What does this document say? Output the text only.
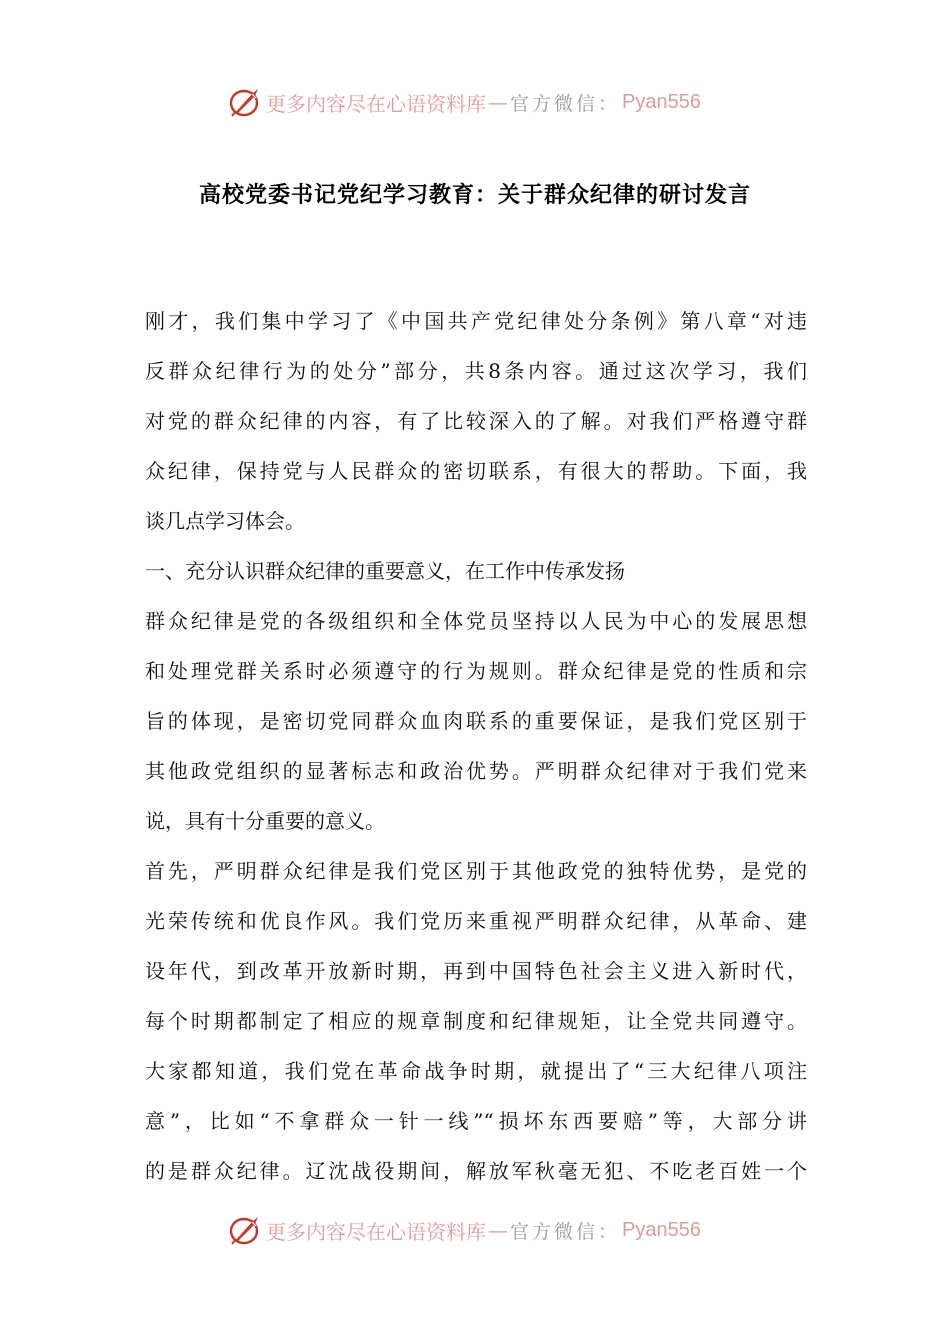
更多内容尽在心语资料库 — 官方微信： Pyan556
高校党委书记党纪学习教育：关于群众纪律的研讨发言
刚才，我们集中学习了《中国共产党纪律处分条例》第八章“对违
反群众纪律行为的处分”部分，共8条内容。通过这次学习，我们
对党的群众纪律的内容，有了比较深入的了解。对我们严格遵守群
众纪律，保持党与人民群众的密切联系，有很大的帮助。下面，我
谈几点学习体会。
一、充分认识群众纪律的重要意义，在工作中传承发扬
群众纪律是党的各级组织和全体党员坚持以人民为中心的发展思想
和处理党群关系时必须遵守的行为规则。群众纪律是党的性质和宗
旨的体现，是密切党同群众血肉联系的重要保证，是我们党区别于
其他政党组织的显著标志和政治优势。严明群众纪律对于我们党来
说，具有十分重要的意义。
首先，严明群众纪律是我们党区别于其他政党的独特优势，是党的
光荣传统和优良作风。我们党历来重视严明群众纪律，从革命、建
设年代，到改革开放新时期，再到中国特色社会主义进入新时代，
每个时期都制定了相应的规章制度和纪律规矩，让全党共同遵守。
大家都知道，我们党在革命战争时期，就提出了“三大纪律八项注
意”，比如“不拿群众一针一线”“损坏东西要赔”等，大部分讲
的是群众纪律。辽沈战役期间，解放军秋毫无犯、不吃老百姓一个
更多内容尽在心语资料库 — 官方微信： Pyan556
